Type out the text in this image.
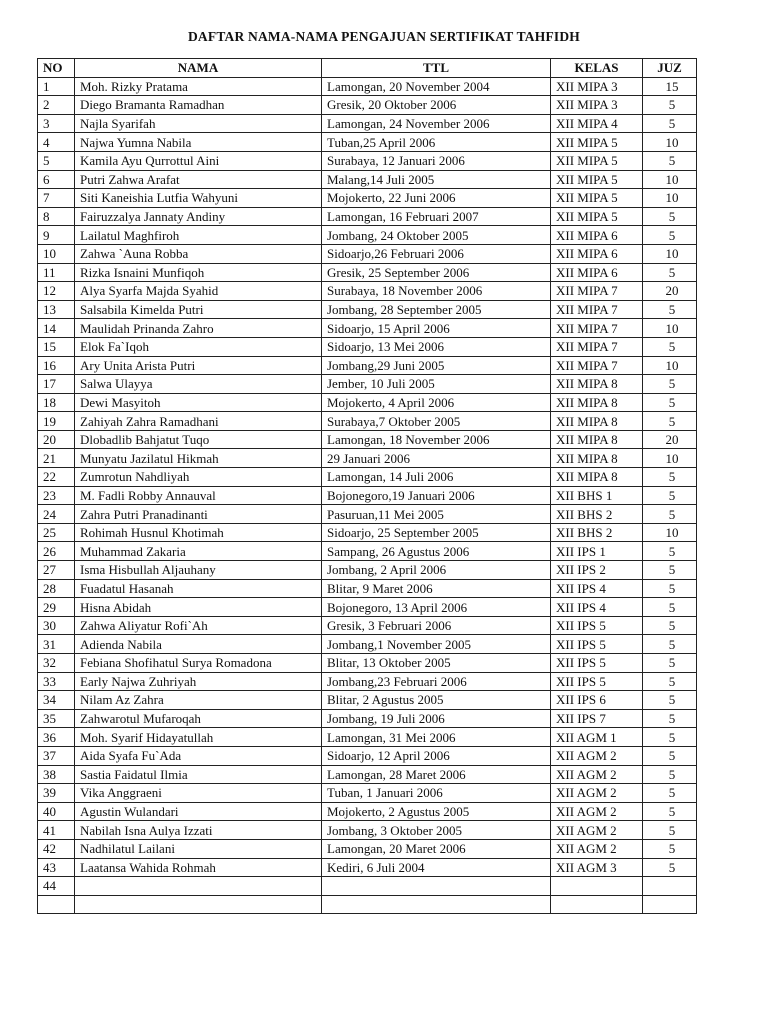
DAFTAR NAMA-NAMA PENGAJUAN SERTIFIKAT TAHFIDH
NO	NAMA	TTL	KELAS	JUZ
1	Moh. Rizky Pratama	Lamongan, 20 November 2004	XII MIPA 3	15
2	Diego Bramanta Ramadhan	Gresik, 20 Oktober 2006	XII MIPA 3	5
3	Najla Syarifah	Lamongan, 24 November 2006	XII MIPA 4	5
4	Najwa Yumna Nabila	Tuban,25 April 2006	XII MIPA 5	10
5	Kamila Ayu Qurrottul Aini	Surabaya, 12 Januari 2006	XII MIPA 5	5
6	Putri Zahwa Arafat	Malang,14 Juli 2005	XII MIPA 5	10
7	Siti Kaneishia Lutfia Wahyuni	Mojokerto, 22 Juni 2006	XII MIPA 5	10
8	Fairuzzalya Jannaty Andiny	Lamongan, 16 Februari 2007	XII MIPA 5	5
9	Lailatul Maghfiroh	Jombang, 24 Oktober 2005	XII MIPA 6	5
10	Zahwa `Auna Robba	Sidoarjo,26 Februari 2006	XII MIPA 6	10
11	Rizka Isnaini Munfiqoh	Gresik, 25 September 2006	XII MIPA 6	5
12	Alya Syarfa Majda Syahid	Surabaya, 18 November 2006	XII MIPA 7	20
13	Salsabila Kimelda Putri	Jombang, 28 September 2005	XII MIPA 7	5
14	Maulidah Prinanda Zahro	Sidoarjo, 15 April 2006	XII MIPA 7	10
15	Elok Fa`Iqoh	Sidoarjo, 13 Mei 2006	XII MIPA 7	5
16	Ary Unita Arista Putri	Jombang,29 Juni 2005	XII MIPA 7	10
17	Salwa Ulayya	Jember, 10 Juli 2005	XII MIPA 8	5
18	Dewi Masyitoh	Mojokerto, 4 April 2006	XII MIPA 8	5
19	Zahiyah Zahra Ramadhani	Surabaya,7 Oktober 2005	XII MIPA 8	5
20	Dlobadlib Bahjatut Tuqo	Lamongan, 18 November 2006	XII MIPA 8	20
21	Munyatu Jazilatul Hikmah	29 Januari 2006	XII MIPA 8	10
22	Zumrotun Nahdliyah	Lamongan, 14 Juli 2006	XII MIPA 8	5
23	M. Fadli Robby Annauval	Bojonegoro,19 Januari 2006	XII BHS 1	5
24	Zahra Putri Pranadinanti	Pasuruan,11 Mei 2005	XII BHS 2	5
25	Rohimah Husnul Khotimah	Sidoarjo, 25 September 2005	XII BHS 2	10
26	Muhammad Zakaria	Sampang, 26 Agustus 2006	XII IPS 1	5
27	Isma Hisbullah Aljauhany	Jombang, 2 April 2006	XII IPS 2	5
28	Fuadatul Hasanah	Blitar, 9 Maret 2006	XII IPS 4	5
29	Hisna Abidah	Bojonegoro, 13 April 2006	XII IPS 4	5
30	Zahwa Aliyatur Rofi`Ah	Gresik, 3 Februari 2006	XII IPS 5	5
31	Adienda Nabila	Jombang,1 November 2005	XII IPS 5	5
32	Febiana Shofihatul Surya Romadona	Blitar, 13 Oktober 2005	XII IPS 5	5
33	Early Najwa Zuhriyah	Jombang,23 Februari 2006	XII IPS 5	5
34	Nilam Az Zahra	Blitar, 2 Agustus 2005	XII IPS 6	5
35	Zahwarotul Mufaroqah	Jombang, 19 Juli 2006	XII IPS 7	5
36	Moh. Syarif Hidayatullah	Lamongan, 31 Mei 2006	XII AGM 1	5
37	Aida Syafa Fu`Ada	Sidoarjo, 12 April 2006	XII AGM 2	5
38	Sastia Faidatul Ilmia	Lamongan, 28 Maret 2006	XII AGM 2	5
39	Vika Anggraeni	Tuban, 1 Januari 2006	XII AGM 2	5
40	Agustin Wulandari	Mojokerto, 2 Agustus 2005	XII AGM 2	5
41	Nabilah Isna Aulya Izzati	Jombang, 3 Oktober 2005	XII AGM 2	5
42	Nadhilatul Lailani	Lamongan, 20 Maret 2006	XII AGM 2	5
43	Laatansa Wahida Rohmah	Kediri, 6 Juli 2004	XII AGM 3	5
44				
